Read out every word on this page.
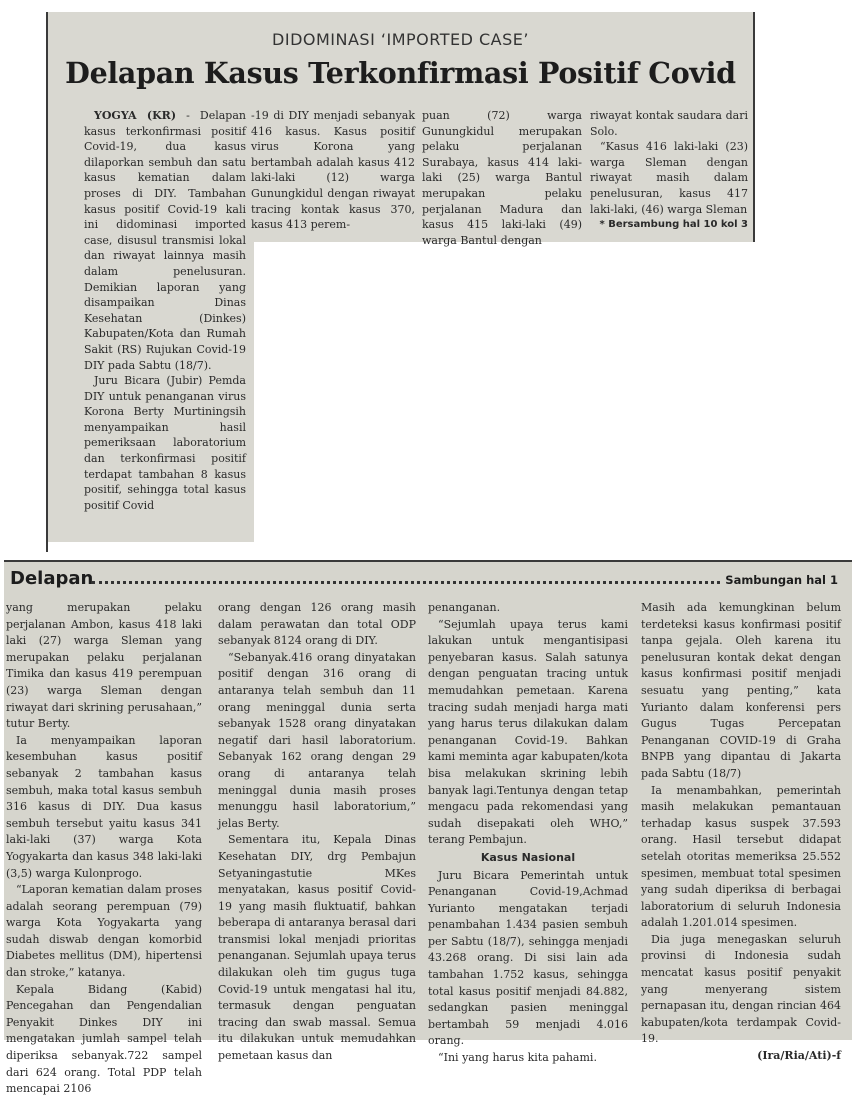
DIDOMINASI ‘IMPORTED CASE’
Delapan Kasus Terkonfirmasi Positif Covid

YOGYA (KR) - Delapan kasus terkonfirmasi positif Covid-19, dua kasus dilaporkan sembuh dan satu kasus kematian dalam proses di DIY. Tambahan kasus positif Covid-19 kali ini didominasi imported case, disusul transmisi lokal dan riwayat lainnya masih dalam penelusuran. Demikian laporan yang disampaikan Dinas Kesehatan (Dinkes) Kabupaten/Kota dan Rumah Sakit (RS) Rujukan Covid-19 DIY pada Sabtu (18/7).

Juru Bicara (Jubir) Pemda DIY untuk penanganan virus Korona Berty Murtiningsih menyampaikan hasil pemeriksaan laboratorium dan terkonfirmasi positif terdapat tambahan 8 kasus positif, sehingga total kasus positif Covid

-19 di DIY menjadi sebanyak 416 kasus. Kasus positif virus Korona yang bertambah adalah kasus 412 laki-laki (12) warga Gunungkidul dengan riwayat tracing kontak kasus 370, kasus 413 perem-

puan (72) warga Gunungkidul merupakan pelaku perjalanan Surabaya, kasus 414 laki-laki (25) warga Bantul merupakan pelaku perjalanan Madura dan kasus 415 laki-laki (49) warga Bantul dengan

riwayat kontak saudara dari Solo.

“Kasus 416 laki-laki (23) warga Sleman dengan riwayat masih dalam penelusuran, kasus 417 laki-laki, (46) warga Sleman

* Bersambung hal 10 kol 3

Delapan	Sambungan hal 1

yang merupakan pelaku perjalanan Ambon, kasus 418 laki laki (27) warga Sleman yang merupakan pelaku perjalanan Timika dan kasus 419 perempuan (23) warga Sleman dengan riwayat dari skrining perusahaan,” tutur Berty.

Ia menyampaikan laporan kesembuhan kasus positif sebanyak 2 tambahan kasus sembuh, maka total kasus sembuh 316 kasus di DIY. Dua kasus sembuh tersebut yaitu kasus 341 laki-laki (37) warga Kota Yogyakarta dan kasus 348 laki-laki (3,5) warga Kulonprogo.

“Laporan kematian dalam proses adalah seorang perempuan (79) warga Kota Yogyakarta yang sudah diswab dengan komorbid Diabetes mellitus (DM), hipertensi dan stroke,” katanya.

Kepala Bidang (Kabid) Pencegahan dan Pengendalian Penyakit Dinkes DIY ini mengatakan jumlah sampel telah diperiksa sebanyak.722 sampel dari 624 orang. Total PDP telah mencapai 2106

orang dengan 126 orang masih dalam perawatan dan total ODP sebanyak 8124 orang di DIY.

“Sebanyak.416 orang dinyatakan positif dengan 316 orang di antaranya telah sembuh dan 11 orang meninggal dunia serta sebanyak 1528 orang dinyatakan negatif dari hasil laboratorium. Sebanyak 162 orang dengan 29 orang di antaranya telah meninggal dunia masih proses menunggu hasil laboratorium,” jelas Berty.

Sementara itu, Kepala Dinas Kesehatan DIY, drg Pembajun Setyaningastutie MKes menyatakan, kasus positif Covid-19 yang masih fluktuatif, bahkan beberapa di antaranya berasal dari transmisi lokal menjadi prioritas penanganan. Sejumlah upaya terus dilakukan oleh tim gugus tuga Covid-19 untuk mengatasi hal itu, termasuk dengan penguatan tracing dan swab massal. Semua itu dilakukan untuk memudahkan pemetaan kasus dan

penanganan.

“Sejumlah upaya terus kami lakukan untuk mengantisipasi penyebaran kasus. Salah satunya dengan penguatan tracing untuk memudahkan pemetaan. Karena tracing sudah menjadi harga mati yang harus terus dilakukan dalam penanganan Covid-19. Bahkan kami meminta agar kabupaten/kota bisa melakukan skrining lebih banyak lagi.Tentunya dengan tetap mengacu pada rekomendasi yang sudah disepakati oleh WHO,” terang Pembajun.

Kasus Nasional

Juru Bicara Pemerintah untuk Penanganan Covid-19,Achmad Yurianto mengatakan terjadi penambahan 1.434 pasien sembuh per Sabtu (18/7), sehingga menjadi 43.268 orang. Di sisi lain ada tambahan 1.752 kasus, sehingga total kasus positif menjadi 84.882, sedangkan pasien meninggal bertambah 59 menjadi 4.016 orang.

“Ini yang harus kita pahami.

Masih ada kemungkinan belum terdeteksi kasus konfirmasi positif tanpa gejala. Oleh karena itu penelusuran kontak dekat dengan kasus konfirmasi positif menjadi sesuatu yang penting,” kata Yurianto dalam konferensi pers Gugus Tugas Percepatan Penanganan COVID-19 di Graha BNPB yang dipantau di Jakarta pada Sabtu (18/7)

Ia menambahkan, pemerintah masih melakukan pemantauan terhadap kasus suspek 37.593 orang. Hasil tersebut didapat setelah otoritas memeriksa 25.552 spesimen, membuat total spesimen yang sudah diperiksa di berbagai laboratorium di seluruh Indonesia adalah 1.201.014 spesimen.

Dia juga menegaskan seluruh provinsi di Indonesia sudah mencatat kasus positif penyakit yang menyerang sistem pernapasan itu, dengan rincian 464 kabupaten/kota terdampak Covid-19.

(Ira/Ria/Ati)-f
